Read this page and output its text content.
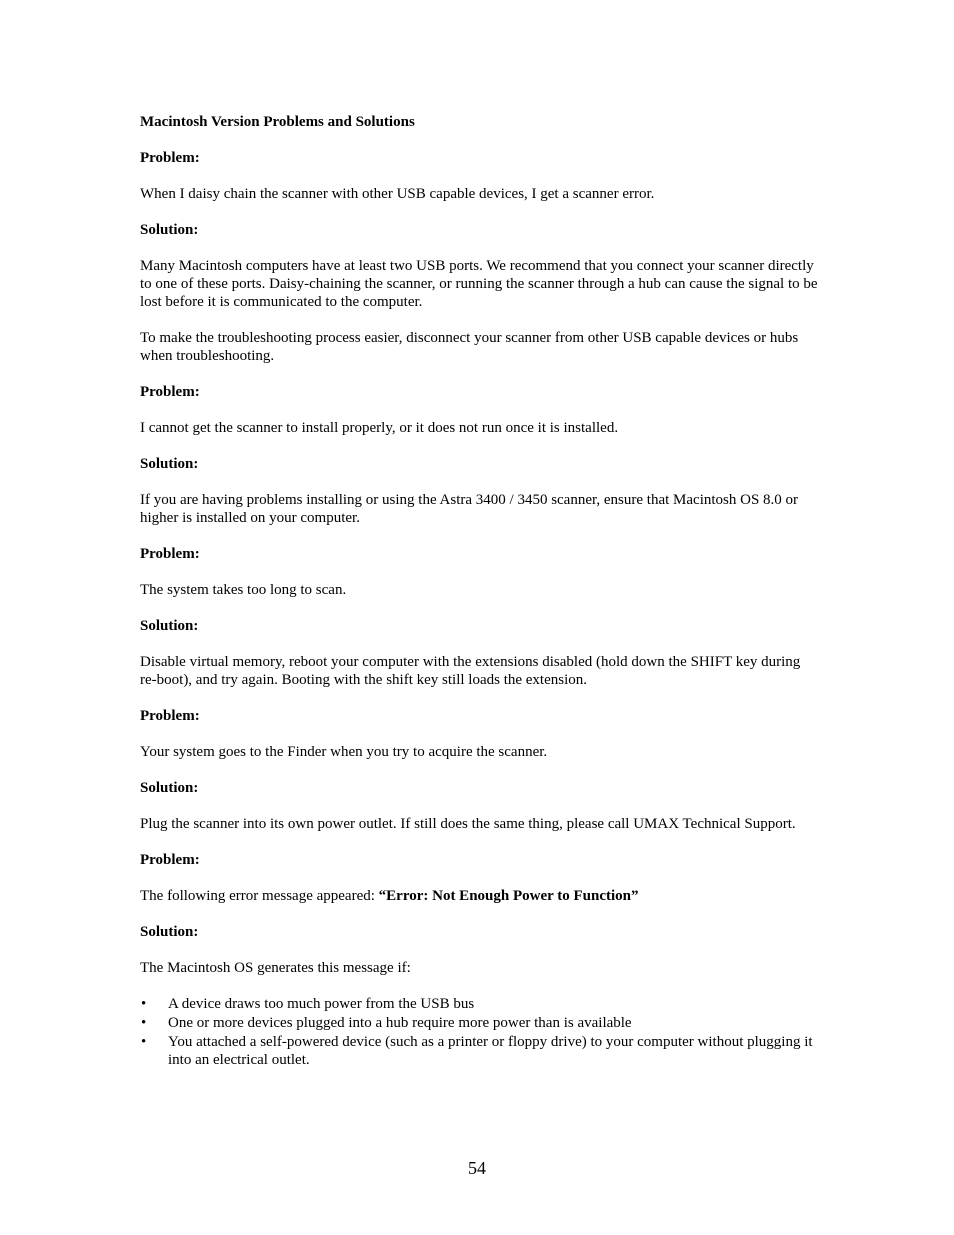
Macintosh Version Problems and Solutions
Problem:
When I daisy chain the scanner with other USB capable devices, I get a scanner error.
Solution:
Many Macintosh computers have at least two USB ports. We recommend that you connect your scanner directly to one of these ports. Daisy-chaining the scanner, or running the scanner through a hub can cause the signal to be lost before it is communicated to the computer.
To make the troubleshooting process easier, disconnect your scanner from other USB capable devices or hubs when troubleshooting.
Problem:
I cannot get the scanner to install properly, or it does not run once it is installed.
Solution:
If you are having problems installing or using the Astra 3400 / 3450 scanner, ensure that Macintosh OS 8.0 or higher is installed on your computer.
Problem:
The system takes too long to scan.
Solution:
Disable virtual memory, reboot your computer with the extensions disabled (hold down the SHIFT key during re-boot), and try again. Booting with the shift key still loads the extension.
Problem:
Your system goes to the Finder when you try to acquire the scanner.
Solution:
Plug the scanner into its own power outlet. If still does the same thing, please call UMAX Technical Support.
Problem:
The following error message appeared: “Error: Not Enough Power to Function”
Solution:
The Macintosh OS generates this message if:
• A device draws too much power from the USB bus
• One or more devices plugged into a hub require more power than is available
• You attached a self-powered device (such as a printer or floppy drive) to your computer without plugging it into an electrical outlet.
54
